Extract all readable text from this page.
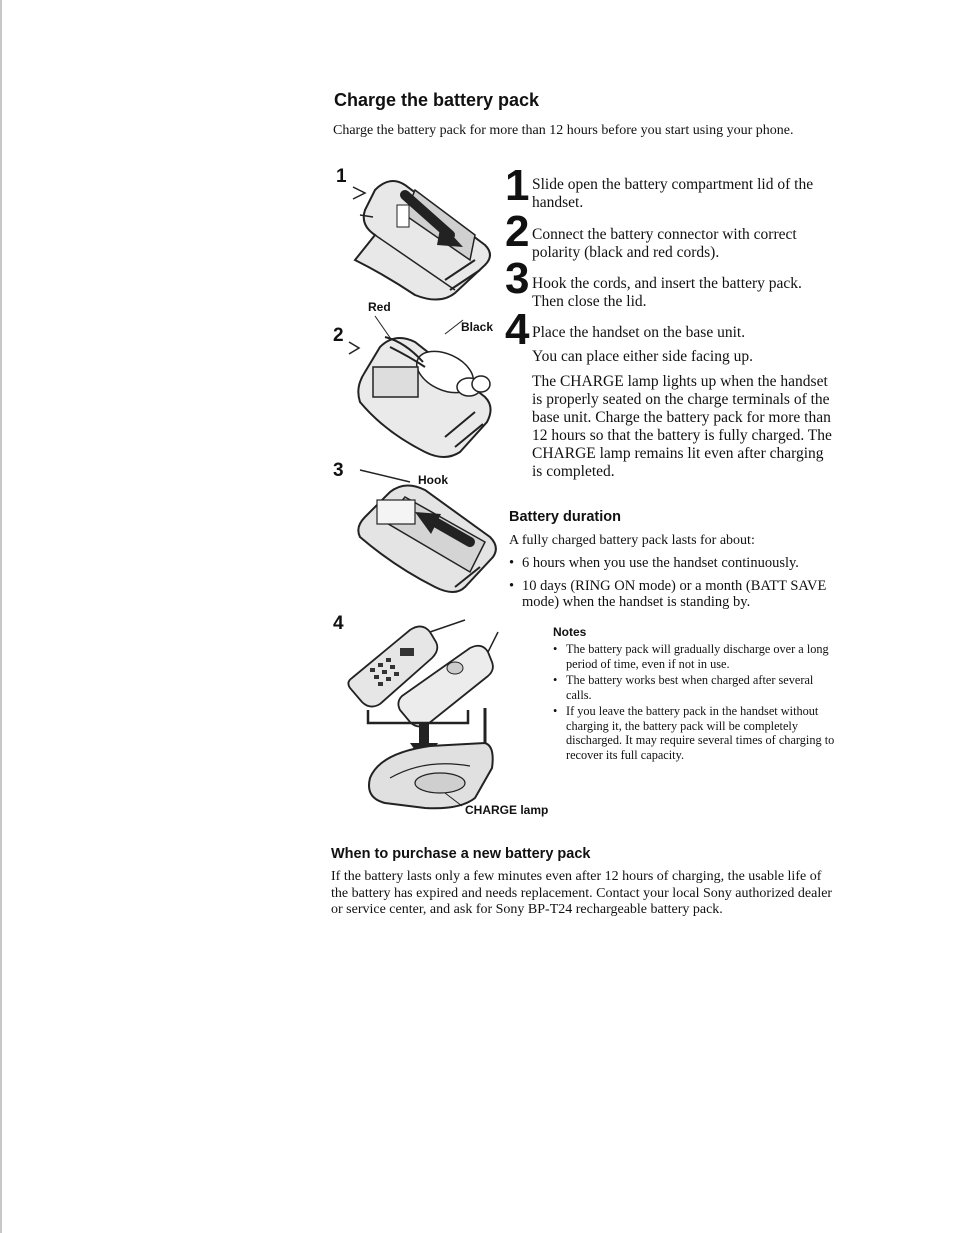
Charge the battery pack
Charge the battery pack for more than 12 hours before you start using your phone.
1
2
Red
Black
3	Hook
4
CHARGE lamp
1 Slide open the battery compartment lid of the handset.
2 Connect the battery connector with correct polarity (black and red cords).
3 Hook the cords, and insert the battery pack. Then close the lid.
4 Place the handset on the base unit.
You can place either side facing up.
The CHARGE lamp lights up when the handset is properly seated on the charge terminals of the base unit. Charge the battery pack for more than 12 hours so that the battery is fully charged. The CHARGE lamp remains lit even after charging is completed.
Battery duration
A fully charged battery pack lasts for about:
• 6 hours when you use the handset continuously.
• 10 days (RING ON mode) or a month (BATT SAVE mode) when the handset is standing by.
Notes
• The battery pack will gradually discharge over a long period of time, even if not in use.
• The battery works best when charged after several calls.
• If you leave the battery pack in the handset without charging it, the battery pack will be completely discharged. It may require several times of charging to recover its full capacity.
When to purchase a new battery pack
If the battery lasts only a few minutes even after 12 hours of charging, the usable life of the battery has expired and needs replacement. Contact your local Sony authorized dealer or service center, and ask for Sony BP-T24 rechargeable battery pack.
